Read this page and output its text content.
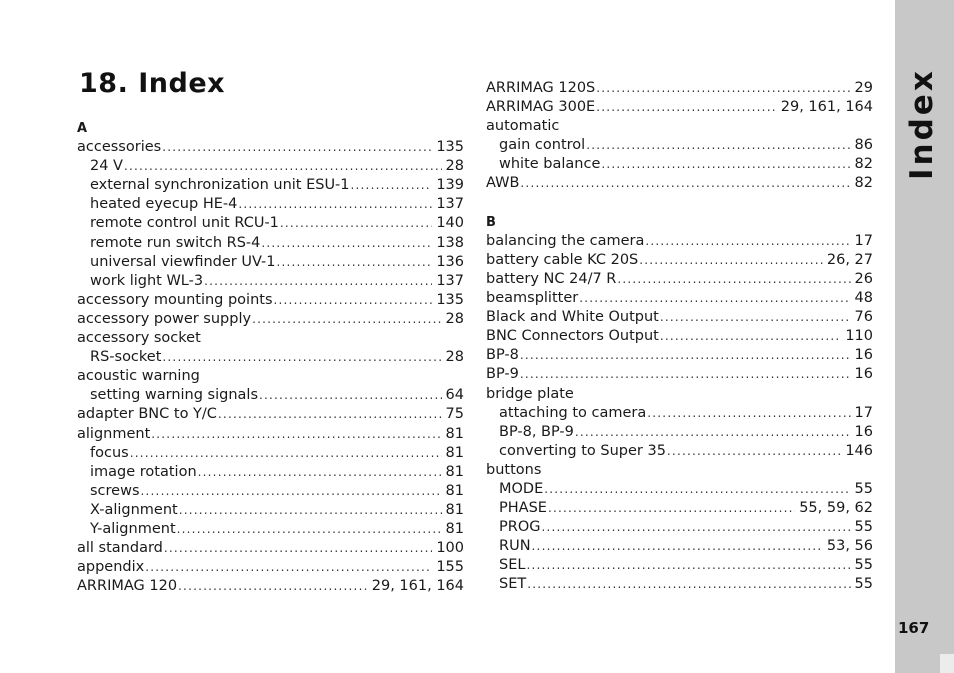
18. Index
A
accessories .....	135
24 V .....	28
external synchronization unit ESU-1 .....	139
heated eyecup HE-4 .....	137
remote control unit RCU-1 .....	140
remote run switch RS-4 .....	138
universal viewfinder UV-1 .....	136
work light WL-3 .....	137
accessory mounting points .....	135
accessory power supply .....	28
accessory socket
RS-socket .....	28
acoustic warning
setting warning signals .....	64
adapter BNC to Y/C .....	75
alignment .....	81
focus .....	81
image rotation .....	81
screws .....	81
X-alignment .....	81
Y-alignment .....	81
all standard .....	100
appendix .....	155
ARRIMAG 120 .....	29, 161, 164
ARRIMAG 120S .....	29
ARRIMAG 300E .....	29, 161, 164
automatic
gain control .....	86
white balance .....	82
AWB .....	82
B
balancing the camera .....	17
battery cable KC 20S .....	26, 27
battery NC 24/7 R .....	26
beamsplitter .....	48
Black and White Output .....	76
BNC Connectors Output .....	110
BP-8 .....	16
BP-9 .....	16
bridge plate
attaching to camera .....	17
BP-8, BP-9 .....	16
converting to Super 35 .....	146
buttons
MODE .....	55
PHASE .....	55, 59, 62
PROG .....	55
RUN .....	53, 56
SEL .....	55
SET .....	55
Index
167
